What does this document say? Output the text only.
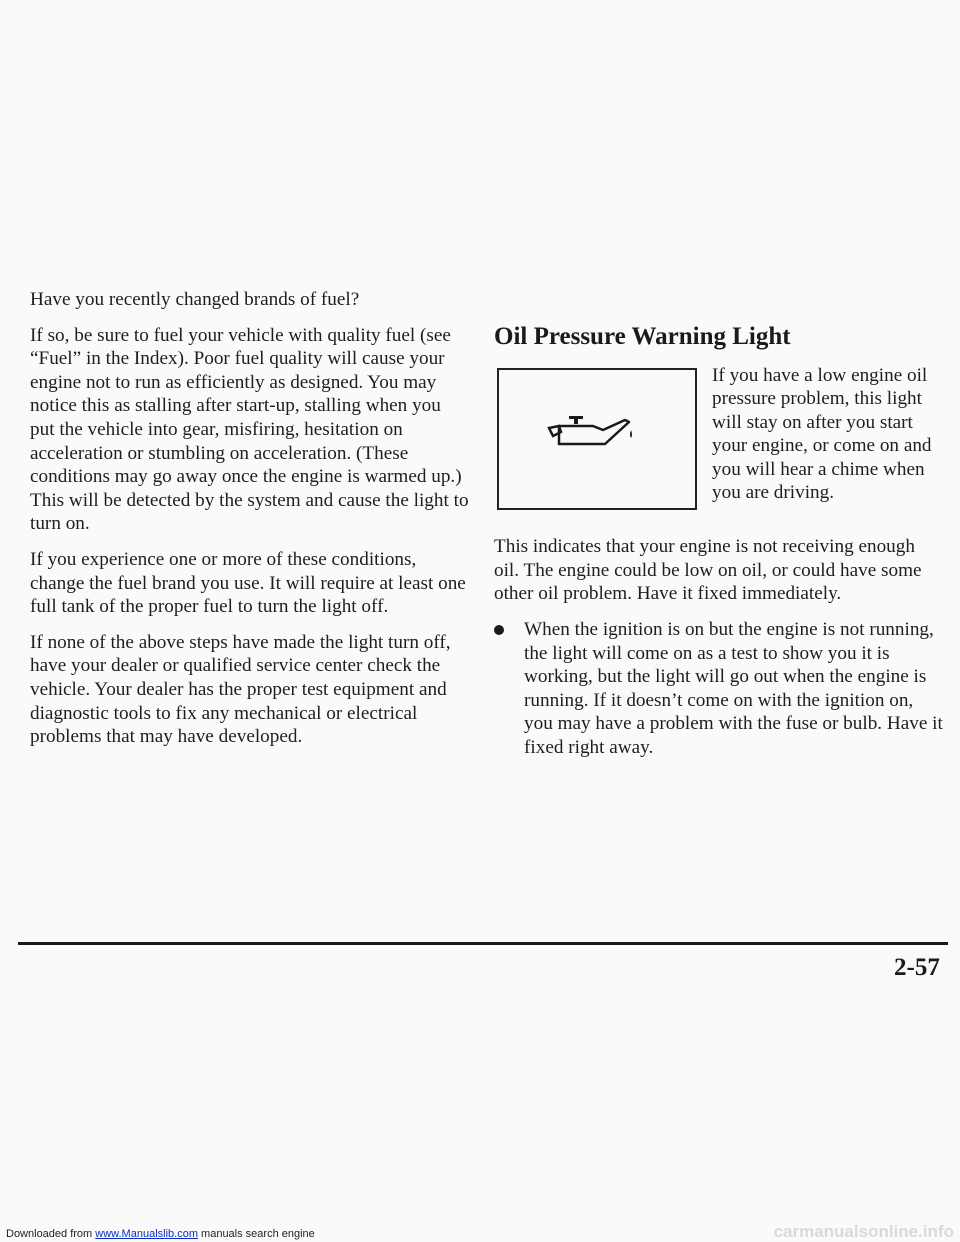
Have you recently changed brands of fuel?

If so, be sure to fuel your vehicle with quality fuel (see “Fuel” in the Index). Poor fuel quality will cause your engine not to run as efficiently as designed. You may notice this as stalling after start-up, stalling when you put the vehicle into gear, misfiring, hesitation on acceleration or stumbling on acceleration. (These conditions may go away once the engine is warmed up.) This will be detected by the system and cause the light to turn on.

If you experience one or more of these conditions, change the fuel brand you use. It will require at least one full tank of the proper fuel to turn the light off.

If none of the above steps have made the light turn off, have your dealer or qualified service center check the vehicle. Your dealer has the proper test equipment and diagnostic tools to fix any mechanical or electrical problems that may have developed.

Oil Pressure Warning Light
If you have a low engine oil pressure problem, this light will stay on after you start your engine, or come on and you will hear a chime when you are driving.

This indicates that your engine is not receiving enough oil. The engine could be low on oil, or could have some other oil problem. Have it fixed immediately.

When the ignition is on but the engine is not running, the light will come on as a test to show you it is working, but the light will go out when the engine is running. If it doesn’t come on with the ignition on, you may have a problem with the fuse or bulb. Have it fixed right away.
2-57
Downloaded from www.Manualslib.com manuals search engine	carmanualsonline.info
